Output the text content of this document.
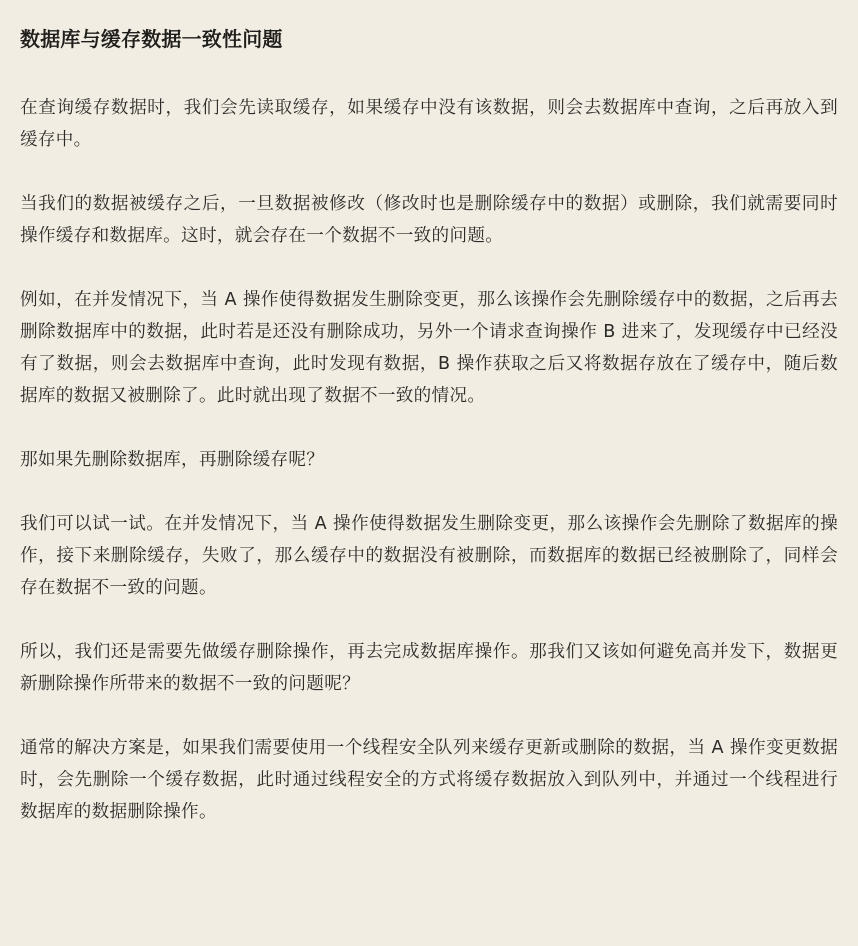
数据库与缓存数据一致性问题

在查询缓存数据时，我们会先读取缓存，如果缓存中没有该数据，则会去数据库中查询，之后再放入到缓存中。

当我们的数据被缓存之后，一旦数据被修改（修改时也是删除缓存中的数据）或删除，我们就需要同时操作缓存和数据库。这时，就会存在一个数据不一致的问题。

例如，在并发情况下，当 A 操作使得数据发生删除变更，那么该操作会先删除缓存中的数据，之后再去删除数据库中的数据，此时若是还没有删除成功，另外一个请求查询操作 B 进来了，发现缓存中已经没有了数据，则会去数据库中查询，此时发现有数据，B 操作获取之后又将数据存放在了缓存中，随后数据库的数据又被删除了。此时就出现了数据不一致的情况。

那如果先删除数据库，再删除缓存呢？

我们可以试一试。在并发情况下，当 A 操作使得数据发生删除变更，那么该操作会先删除了数据库的操作，接下来删除缓存，失败了，那么缓存中的数据没有被删除，而数据库的数据已经被删除了，同样会存在数据不一致的问题。

所以，我们还是需要先做缓存删除操作，再去完成数据库操作。那我们又该如何避免高并发下，数据更新删除操作所带来的数据不一致的问题呢？

通常的解决方案是，如果我们需要使用一个线程安全队列来缓存更新或删除的数据，当 A 操作变更数据时，会先删除一个缓存数据，此时通过线程安全的方式将缓存数据放入到队列中，并通过一个线程进行数据库的数据删除操作。
